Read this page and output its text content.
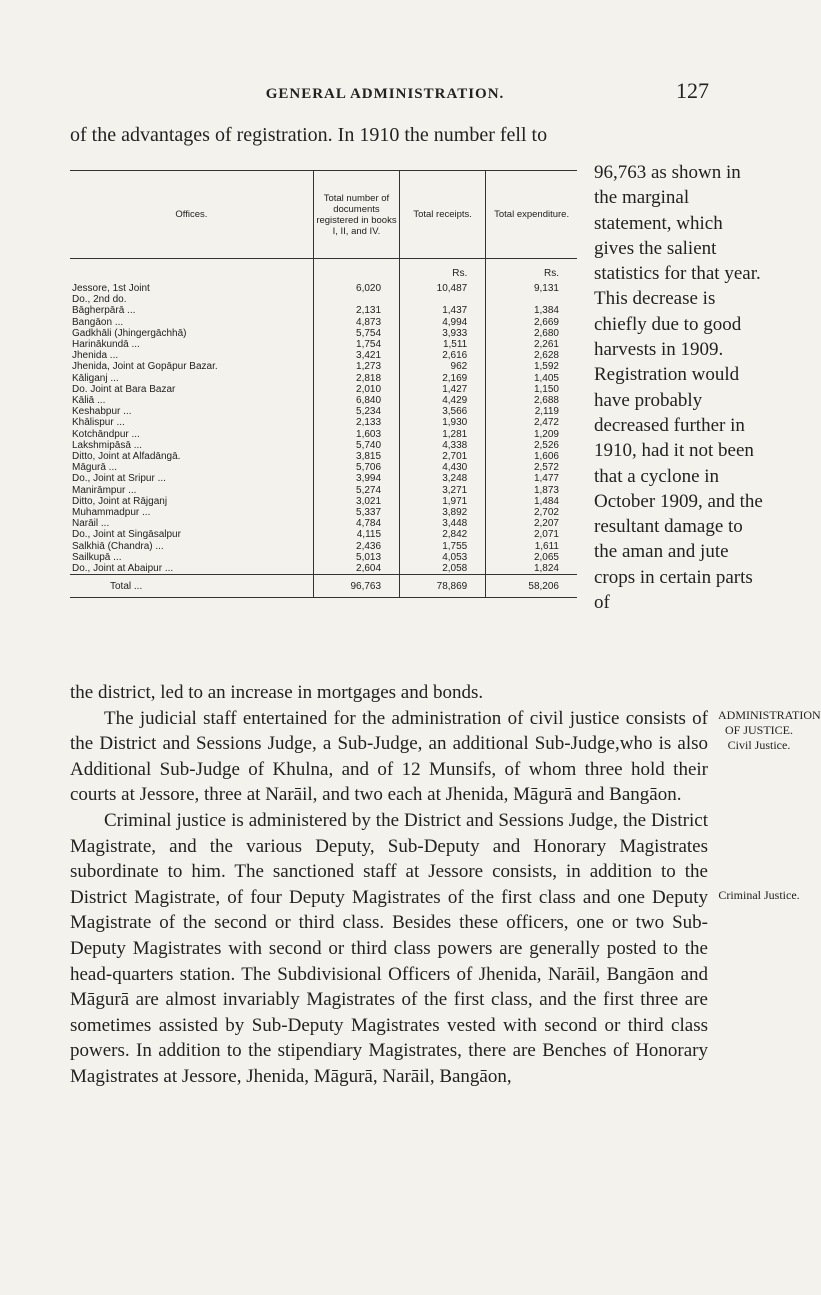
GENERAL ADMINISTRATION.	127
of the advantages of registration. In 1910 the number fell to
Offices.	Total number of documents registered in books I, II, and IV.	Total receipts.	Total expenditure.
		Rs.	Rs.
Jessore, 1st Joint	6,020	10,487	9,131
Do., 2nd do.			
Bāgherpārā ...	2,131	1,437	1,384
Bangāon ...	4,873	4,994	2,669
Gadkhāli (Jhingergāchhā)	5,754	3,933	2,680
Harinākundā ...	1,754	1,511	2,261
Jhenida ...	3,421	2,616	2,628
Jhenida, Joint at Gopāpur Bazar.	1,273	962	1,592
Kāliganj ...	2,818	2,169	1,405
Do. Joint at Bara Bazar	2,010	1,427	1,150
Kāliā ...	6,840	4,429	2,688
Keshabpur ...	5,234	3,566	2,119
Khālispur ...	2,133	1,930	2,472
Kotchāndpur ...	1,603	1,281	1,209
Lakshmipāsā ...	5,740	4,338	2,526
Ditto, Joint at Alfadāngā.	3,815	2,701	1,606
Māgurā ...	5,706	4,430	2,572
Do., Joint at Sripur ...	3,994	3,248	1,477
Manirāmpur ...	5,274	3,271	1,873
Ditto, Joint at Rājganj	3,021	1,971	1,484
Muhammadpur ...	5,337	3,892	2,702
Narāil ...	4,784	3,448	2,207
Do., Joint at Singāsalpur	4,115	2,842	2,071
Salkhiā (Chandra) ...	2,436	1,755	1,611
Sailkupā ...	5,013	4,053	2,065
Do., Joint at Abaipur ...	2,604	2,058	1,824
Total ...	96,763	78,869	58,206
96,763 as shown in the marginal statement, which gives the salient statistics for that year. This decrease is chiefly due to good harvests in 1909. Registration would have probably decreased further in 1910, had it not been that a cyclone in October 1909, and the resultant damage to the aman and jute crops in certain parts of

the district, led to an increase in mortgages and bonds.

The judicial staff entertained for the administration of civil justice consists of the District and Sessions Judge, a Sub-Judge, an additional Sub-Judge,who is also Additional Sub-Judge of Khulna, and of 12 Munsifs, of whom three hold their courts at Jessore, three at Narāil, and two each at Jhenida, Māgurā and Bangāon.

Criminal justice is administered by the District and Sessions Judge, the District Magistrate, and the various Deputy, Sub-Deputy and Honorary Magistrates subordinate to him. The sanctioned staff at Jessore consists, in addition to the District Magistrate, of four Deputy Magistrates of the first class and one Deputy Magistrate of the second or third class. Besides these officers, one or two Sub-Deputy Magistrates with second or third class powers are generally posted to the head-quarters station. The Subdivisional Officers of Jhenida, Narāil, Bangāon and Māgurā are almost invariably Magistrates of the first class, and the first three are sometimes assisted by Sub-Deputy Magistrates vested with second or third class powers. In addition to the stipendiary Magistrates, there are Benches of Honorary Magistrates at Jessore, Jhenida, Māgurā, Narāil, Bangāon,

ADMINISTRATION OF JUSTICE. Civil Justice.
Criminal Justice.
